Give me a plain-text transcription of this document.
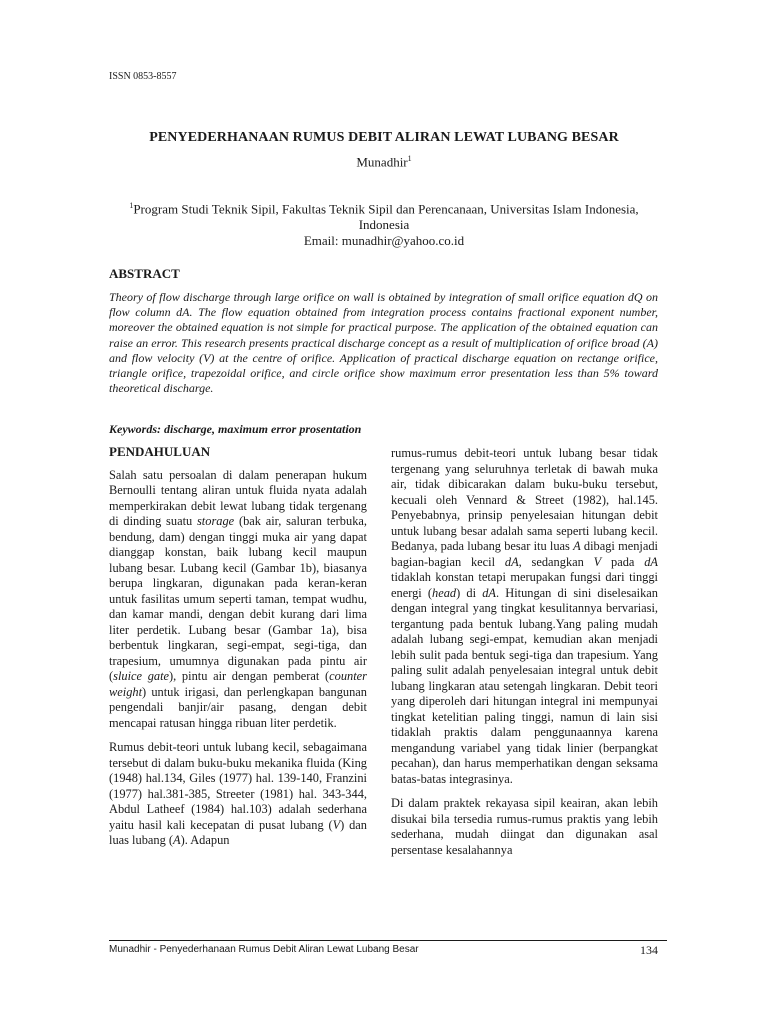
ISSN 0853-8557
PENYEDERHANAAN RUMUS DEBIT ALIRAN LEWAT LUBANG BESAR
Munadhir$^1$
$^1$Program Studi Teknik Sipil, Fakultas Teknik Sipil dan Perencanaan, Universitas Islam Indonesia, Indonesia
Email: munadhir@yahoo.co.id
ABSTRACT

Theory of flow discharge through large orifice on wall is obtained by integration of small orifice equation dQ on flow column dA. The flow equation obtained from integration process contains fractional exponent number, moreover the obtained equation is not simple for practical purpose. The application of the obtained equation can raise an error. This research presents practical discharge concept as a result of multiplication of orifice broad (A) and flow velocity (V) at the centre of orifice. Application of practical discharge equation on rectange orifice, triangle orifice, trapezoidal orifice, and circle orifice show maximum error presentation less than 5% toward theoretical discharge.

Keywords: discharge, maximum error prosentation
PENDAHULUAN

Salah satu persoalan di dalam penerapan hukum Bernoulli tentang aliran untuk fluida nyata adalah memperkirakan debit lewat lubang tidak tergenang di dinding suatu storage (bak air, saluran terbuka, bendung, dam) dengan tinggi muka air yang dapat dianggap konstan, baik lubang kecil maupun lubang besar. Lubang kecil (Gambar 1b), biasanya berupa lingkaran, digunakan pada keran-keran untuk fasilitas umum seperti taman, tempat wudhu, dan kamar mandi, dengan debit kurang dari lima liter perdetik. Lubang besar (Gambar 1a), bisa berbentuk lingkaran, segi-empat, segi-tiga, dan trapesium, umumnya digunakan pada pintu air (sluice gate), pintu air dengan pemberat (counter weight) untuk irigasi, dan perlengkapan bangunan pengendali banjir/air pasang, dengan debit mencapai ratusan hingga ribuan liter perdetik.

Rumus debit-teori untuk lubang kecil, sebagaimana tersebut di dalam buku-buku mekanika fluida (King (1948) hal.134, Giles (1977) hal. 139-140, Franzini (1977) hal.381-385, Streeter (1981) hal. 343-344, Abdul Latheef (1984) hal.103) adalah sederhana yaitu hasil kali kecepatan di pusat lubang (V) dan luas lubang (A). Adapun

rumus-rumus debit-teori untuk lubang besar tidak tergenang yang seluruhnya terletak di bawah muka air, tidak dibicarakan dalam buku-buku tersebut, kecuali oleh Vennard & Street (1982), hal.145. Penyebabnya, prinsip penyelesaian hitungan debit untuk lubang besar adalah sama seperti lubang kecil. Bedanya, pada lubang besar itu luas A dibagi menjadi bagian-bagian kecil dA, sedangkan V pada dA tidaklah konstan tetapi merupakan fungsi dari tinggi energi (head) di dA. Hitungan di sini diselesaikan dengan integral yang tingkat kesulitannya bervariasi, tergantung pada bentuk lubang.Yang paling mudah adalah lubang segi-empat, kemudian akan menjadi lebih sulit pada bentuk segi-tiga dan trapesium. Yang paling sulit adalah penyelesaian integral untuk debit lubang lingkaran atau setengah lingkaran. Debit teori yang diperoleh dari hitungan integral ini mempunyai tingkat ketelitian paling tinggi, namun di lain sisi tidaklah praktis dalam penggunaannya karena mengandung variabel yang tidak linier (berpangkat pecahan), dan harus memperhatikan dengan seksama batas-batas integrasinya.

Di dalam praktek rekayasa sipil keairan, akan lebih disukai bila tersedia rumus-rumus praktis yang lebih sederhana, mudah diingat dan digunakan asal persentase kesalahannya

Munadhir - Penyederhanaan Rumus Debit Aliran Lewat Lubang Besar	134
